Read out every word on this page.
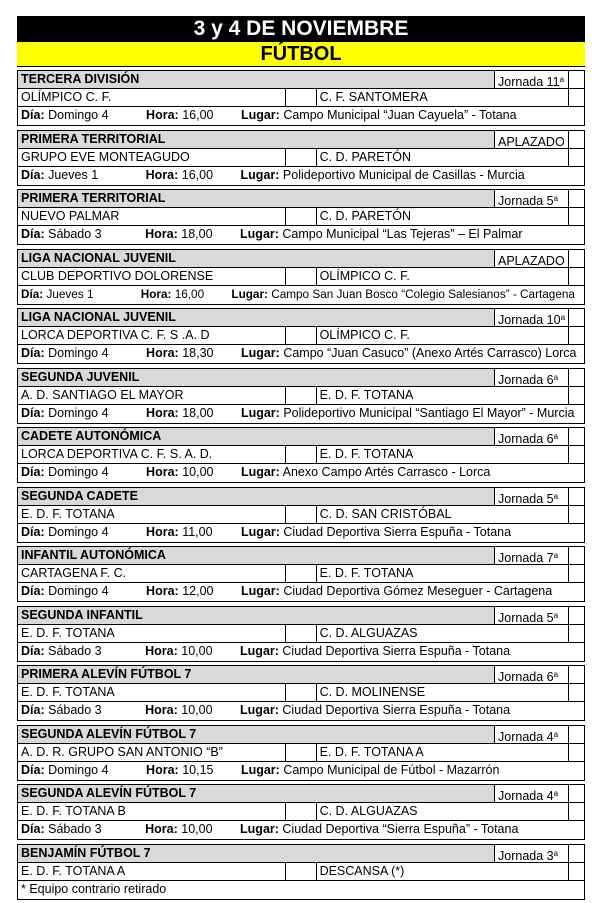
3 y 4 DE NOVIEMBRE
FÚTBOL
TERCERA DIVISIÓN	Jornada 11$^a$
OLÍMPICO C. F.	C. F. SANTOMERA
Día: Domingo 4	Hora: 16,00 Lugar: Campo Municipal “Juan Cayuela” - Totana
PRIMERA TERRITORIAL	APLAZADO
GRUPO EVE MONTEAGUDO	C. D. PARETÓN
Día: Jueves 1	Hora: 16,00 Lugar: Polideportivo Municipal de Casillas - Murcia
PRIMERA TERRITORIAL	Jornada 5$^a$
NUEVO PALMAR	C. D. PARETÓN
Día: Sábado 3	Hora: 18,00 Lugar: Campo Municipal “Las Tejeras” – El Palmar
LIGA NACIONAL JUVENIL	APLAZADO
CLUB DEPORTIVO DOLORENSE	OLÍMPICO C. F.
Día: Jueves 1	Hora: 16,00 Lugar: Campo San Juan Bosco “Colegio Salesianos” - Cartagena
LIGA NACIONAL JUVENIL	Jornada 10$^a$
LORCA DEPORTIVA C. F. S .A. D	OLÍMPICO C. F.
Día: Domingo 4	Hora: 18,30 Lugar: Campo “Juan Casuco” (Anexo Artés Carrasco) Lorca
SEGUNDA JUVENIL	Jornada 6$^a$
A. D. SANTIAGO EL MAYOR	E. D. F. TOTANA
Día: Domingo 4	Hora: 18,00 Lugar: Polideportivo Municipal “Santiago El Mayor” - Murcia
CADETE AUTONÓMICA	Jornada 6$^a$
LORCA DEPORTIVA C. F. S. A. D.	E. D. F. TOTANA
Día: Domingo 4	Hora: 10,00 Lugar: Anexo Campo Artés Carrasco - Lorca
SEGUNDA CADETE	Jornada 5$^a$
E. D. F. TOTANA	C. D. SAN CRISTÓBAL
Día: Domingo 4	Hora: 11,00 Lugar: Ciudad Deportiva Sierra Espuña - Totana
INFANTIL AUTONÓMICA	Jornada 7$^a$
CARTAGENA F. C.	E. D. F. TOTANA
Día: Domingo 4	Hora: 12,00 Lugar: Ciudad Deportiva Gómez Meseguer - Cartagena
SEGUNDA INFANTIL	Jornada 5$^a$
E. D. F. TOTANA	C. D. ALGUAZAS
Día: Sábado 3	Hora: 10,00 Lugar: Ciudad Deportiva Sierra Espuña - Totana
PRIMERA ALEVÍN FÚTBOL 7	Jornada 6$^a$
E. D. F. TOTANA	C. D. MOLINENSE
Día: Sábado 3	Hora: 10,00 Lugar: Ciudad Deportiva Sierra Espuña - Totana
SEGUNDA ALEVÍN FÚTBOL 7	Jornada 4$^a$
A. D. R. GRUPO SAN ANTONIO “B”	E. D. F. TOTANA A
Día: Domingo 4	Hora: 10,15 Lugar: Campo Municipal de Fútbol - Mazarrón
SEGUNDA ALEVÍN FÚTBOL 7	Jornada 4$^a$
E. D. F. TOTANA B	C. D. ALGUAZAS
Día: Sábado 3	Hora: 10,00 Lugar: Ciudad Deportiva “Sierra Espuña” - Totana
BENJAMÍN FÚTBOL 7	Jornada 3$^a$
E. D. F. TOTANA A	DESCANSA (*)
* Equipo contrario retirado
